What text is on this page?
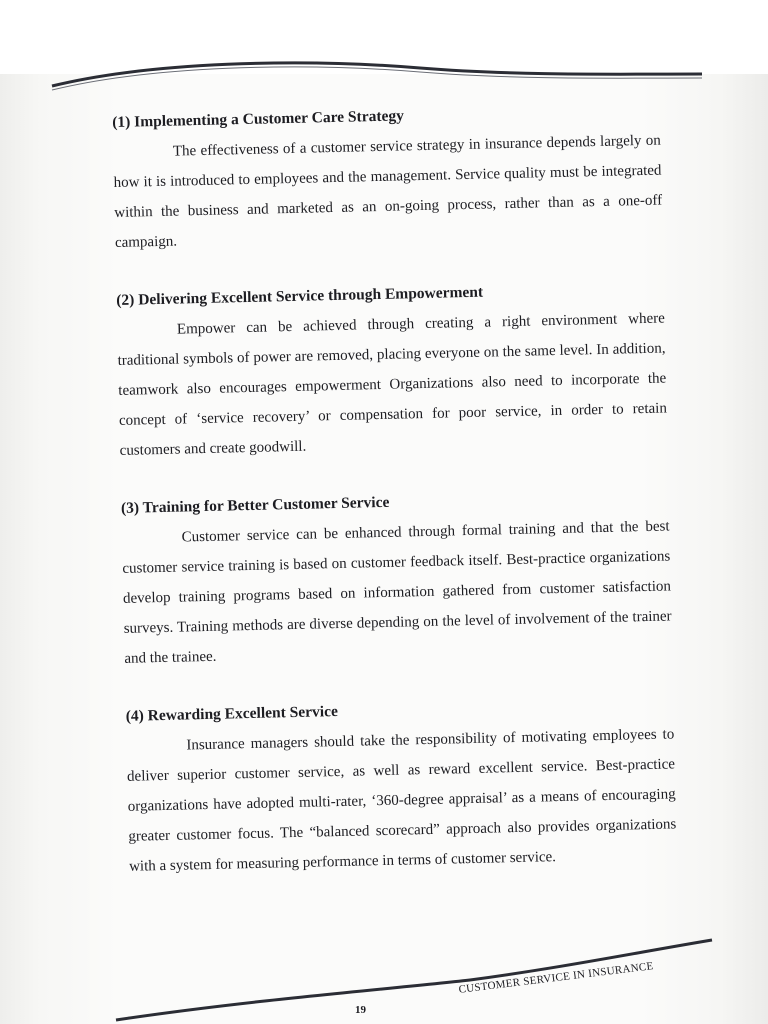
(1) Implementing a Customer Care Strategy

The effectiveness of a customer service strategy in insurance depends largely on how it is introduced to employees and the management. Service quality must be integrated within the business and marketed as an on-going process, rather than as a one-off campaign.

(2) Delivering Excellent Service through Empowerment

Empower can be achieved through creating a right environment where traditional symbols of power are removed, placing everyone on the same level. In addition, teamwork also encourages empowerment Organizations also need to incorporate the concept of ‘service recovery’ or compensation for poor service, in order to retain customers and create goodwill.

(3) Training for Better Customer Service

Customer service can be enhanced through formal training and that the best customer service training is based on customer feedback itself. Best-practice organizations develop training programs based on information gathered from customer satisfaction surveys. Training methods are diverse depending on the level of involvement of the trainer and the trainee.

(4) Rewarding Excellent Service

Insurance managers should take the responsibility of motivating employees to deliver superior customer service, as well as reward excellent service. Best-practice organizations have adopted multi-rater, ‘360-degree appraisal’ as a means of encouraging greater customer focus. The “balanced scorecard” approach also provides organizations with a system for measuring performance in terms of customer service.

CUSTOMER SERVICE IN INSURANCE
19
